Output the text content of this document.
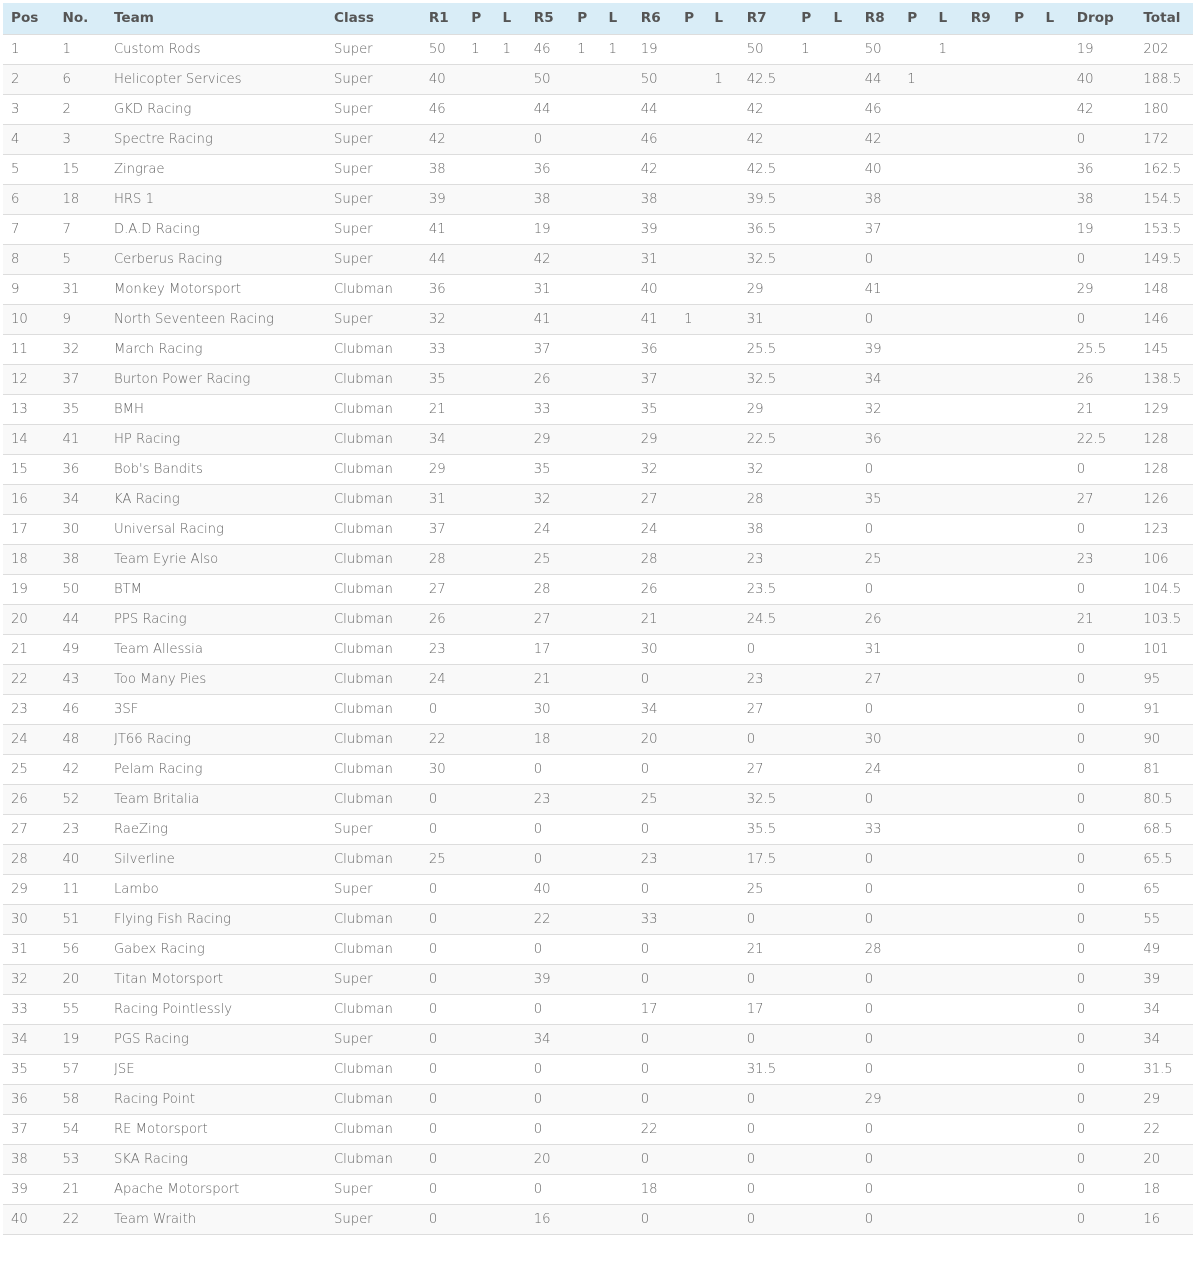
Pos	No.	Team	Class	R1	P	L	R5	P	L	R6	P	L	R7	P	L	R8	P	L	R9	P	L	Drop	Total
1	1	Custom Rods	Super	50	1	1	46	1	1	19			50	1		50		1				19	202
2	6	Helicopter Services	Super	40			50			50		1	42.5			44	1					40	188.5
3	2	GKD Racing	Super	46			44			44			42			46						42	180
4	3	Spectre Racing	Super	42			0			46			42			42						0	172
5	15	Zingrae	Super	38			36			42			42.5			40						36	162.5
6	18	HRS 1	Super	39			38			38			39.5			38						38	154.5
7	7	D.A.D Racing	Super	41			19			39			36.5			37						19	153.5
8	5	Cerberus Racing	Super	44			42			31			32.5			0						0	149.5
9	31	Monkey Motorsport	Clubman	36			31			40			29			41						29	148
10	9	North Seventeen Racing	Super	32			41			41	1		31			0						0	146
11	32	March Racing	Clubman	33			37			36			25.5			39						25.5	145
12	37	Burton Power Racing	Clubman	35			26			37			32.5			34						26	138.5
13	35	BMH	Clubman	21			33			35			29			32						21	129
14	41	HP Racing	Clubman	34			29			29			22.5			36						22.5	128
15	36	Bob's Bandits	Clubman	29			35			32			32			0						0	128
16	34	KA Racing	Clubman	31			32			27			28			35						27	126
17	30	Universal Racing	Clubman	37			24			24			38			0						0	123
18	38	Team Eyrie Also	Clubman	28			25			28			23			25						23	106
19	50	BTM	Clubman	27			28			26			23.5			0						0	104.5
20	44	PPS Racing	Clubman	26			27			21			24.5			26						21	103.5
21	49	Team Allessia	Clubman	23			17			30			0			31						0	101
22	43	Too Many Pies	Clubman	24			21			0			23			27						0	95
23	46	3SF	Clubman	0			30			34			27			0						0	91
24	48	JT66 Racing	Clubman	22			18			20			0			30						0	90
25	42	Pelam Racing	Clubman	30			0			0			27			24						0	81
26	52	Team Britalia	Clubman	0			23			25			32.5			0						0	80.5
27	23	RaeZing	Super	0			0			0			35.5			33						0	68.5
28	40	Silverline	Clubman	25			0			23			17.5			0						0	65.5
29	11	Lambo	Super	0			40			0			25			0						0	65
30	51	Flying Fish Racing	Clubman	0			22			33			0			0						0	55
31	56	Gabex Racing	Clubman	0			0			0			21			28						0	49
32	20	Titan Motorsport	Super	0			39			0			0			0						0	39
33	55	Racing Pointlessly	Clubman	0			0			17			17			0						0	34
34	19	PGS Racing	Super	0			34			0			0			0						0	34
35	57	JSE	Clubman	0			0			0			31.5			0						0	31.5
36	58	Racing Point	Clubman	0			0			0			0			29						0	29
37	54	RE Motorsport	Clubman	0			0			22			0			0						0	22
38	53	SKA Racing	Clubman	0			20			0			0			0						0	20
39	21	Apache Motorsport	Super	0			0			18			0			0						0	18
40	22	Team Wraith	Super	0			16			0			0			0						0	16
